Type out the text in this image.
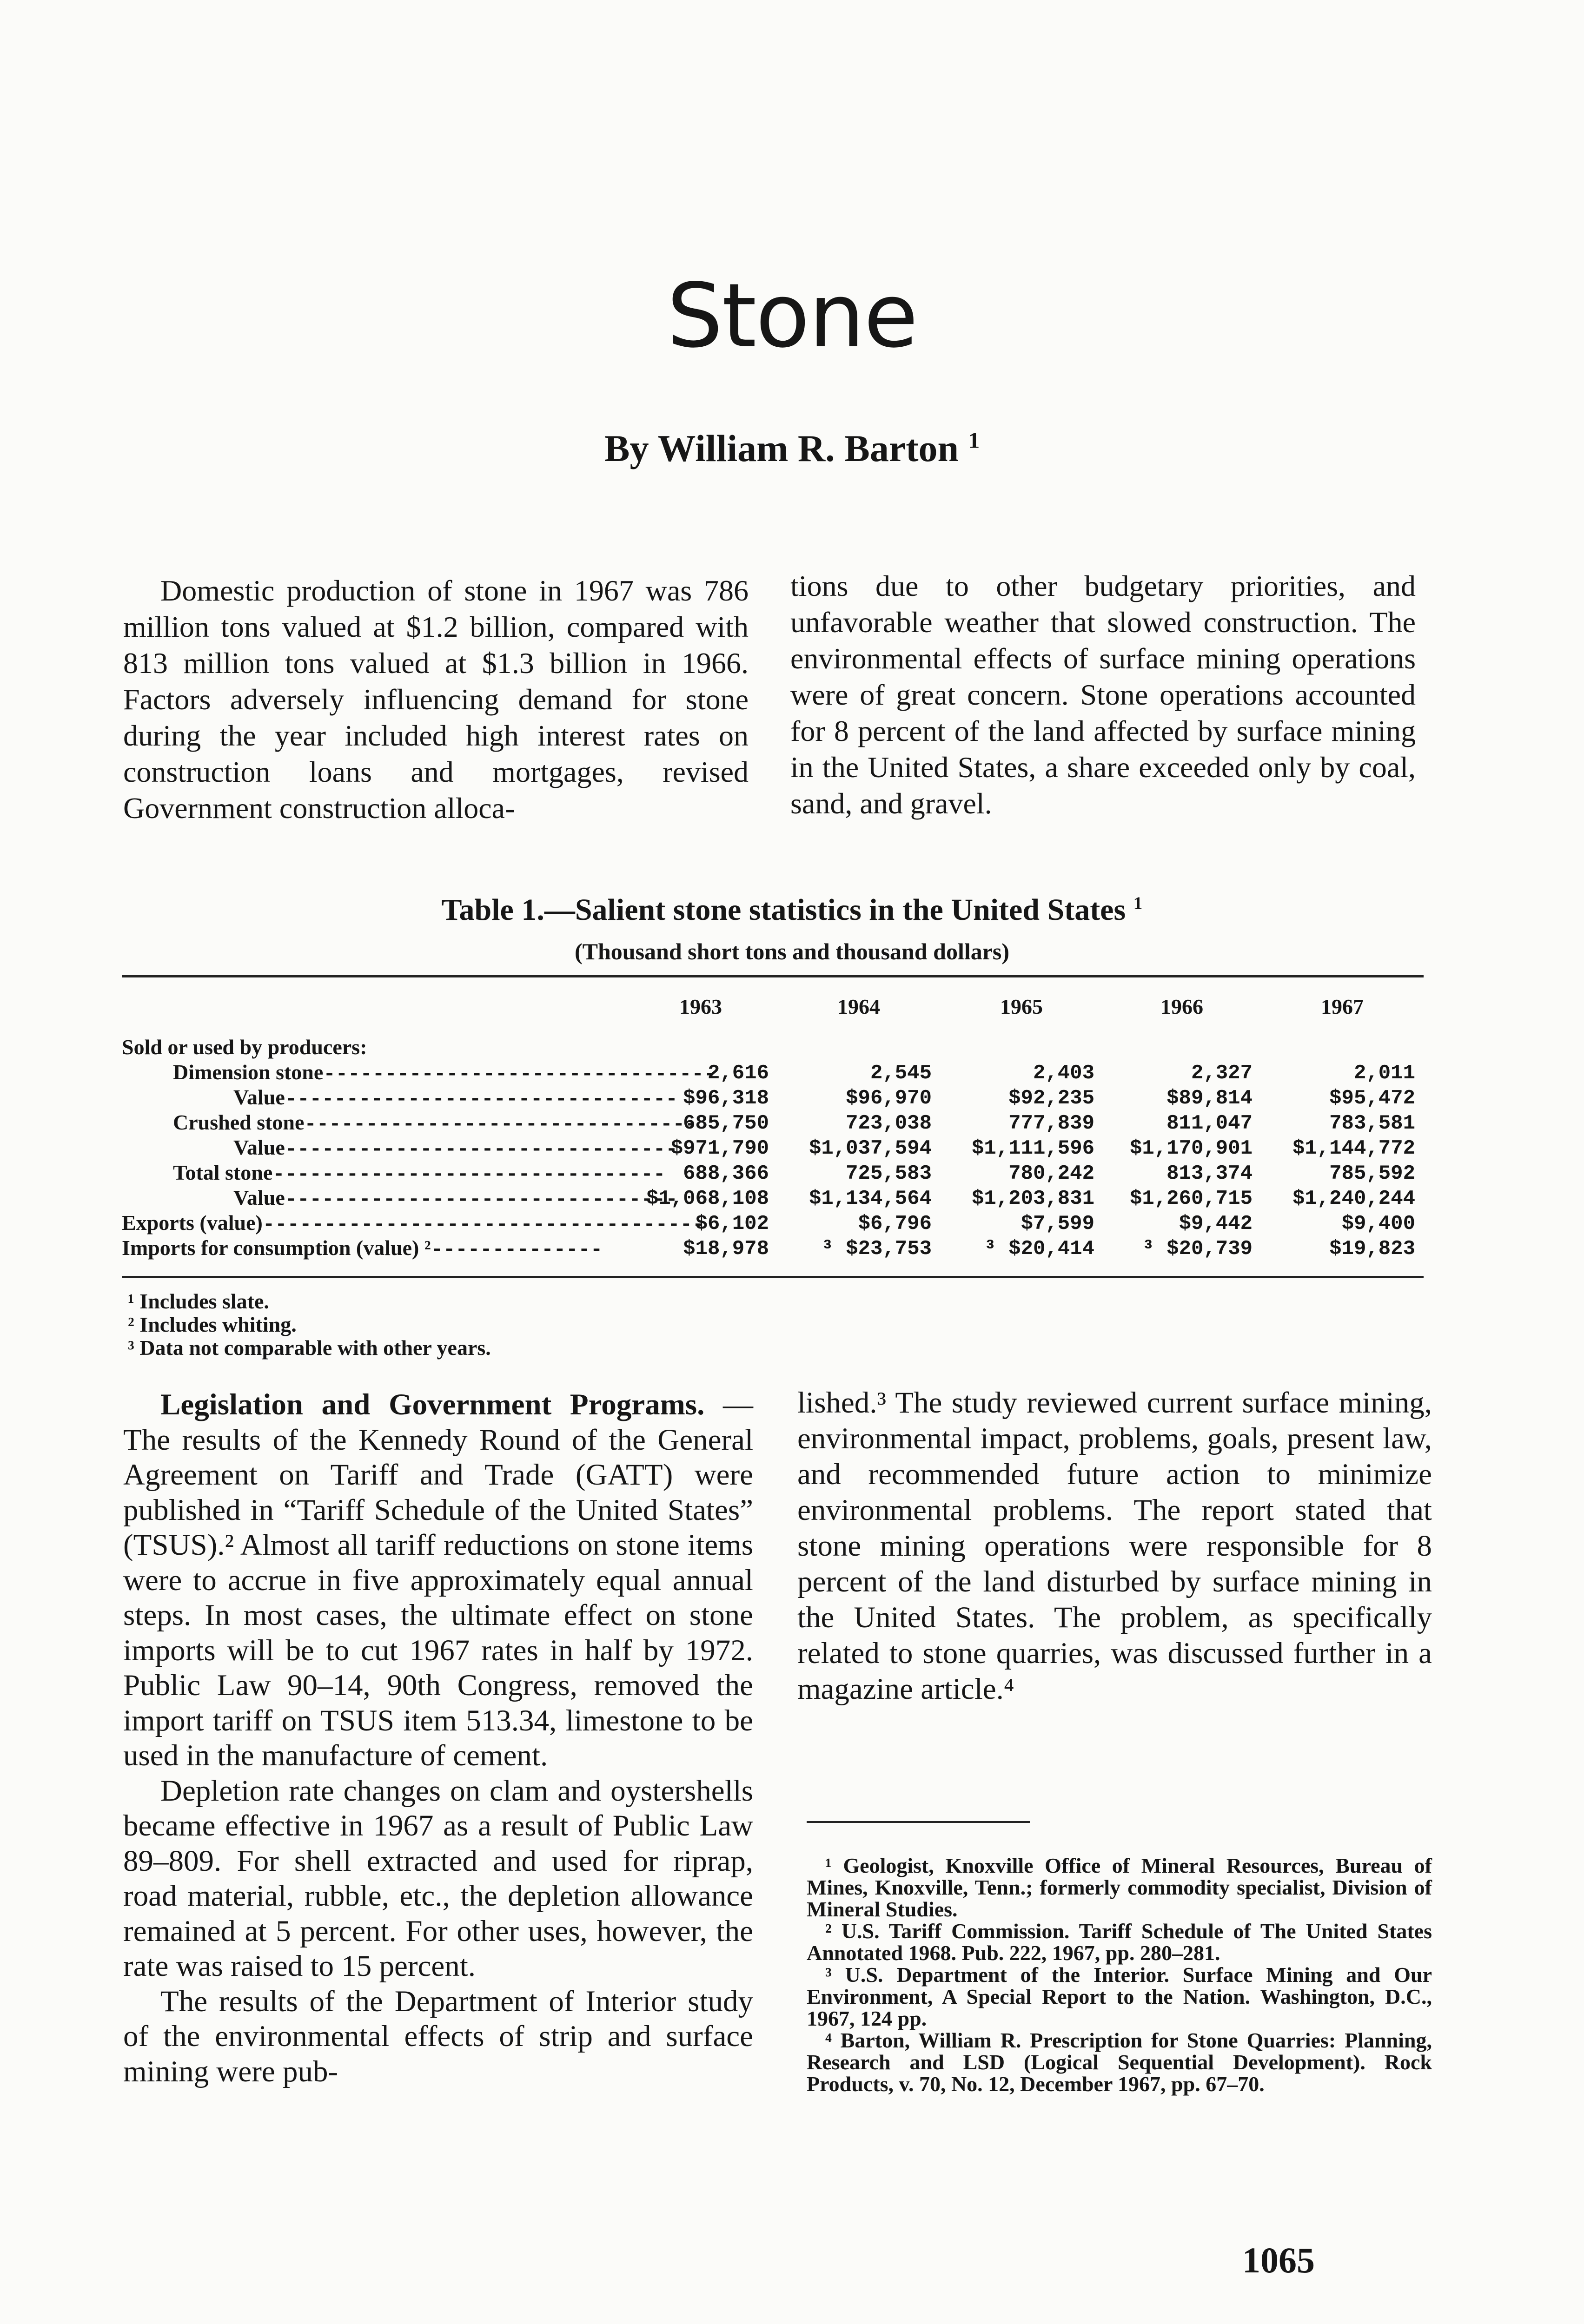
Stone
By William R. Barton $^1$

Domestic production of stone in 1967 was 786 million tons valued at $1.2 billion, compared with 813 million tons valued at $1.3 billion in 1966. Factors adversely influencing demand for stone during the year included high interest rates on construction loans and mortgages, revised Government construction alloca-

tions due to other budgetary priorities, and unfavorable weather that slowed construction. The environmental effects of surface mining operations were of great concern. Stone operations accounted for 8 percent of the land affected by surface mining in the United States, a share exceeded only by coal, sand, and gravel.

Table 1.—Salient stone statistics in the United States $^1$
(Thousand short tons and thousand dollars)
	1963	1964	1965	1966	1967
Sold or used by producers:					
Dimension stone--------------------------------	2,616	2,545	2,403	2,327	2,011
Value--------------------------------	$96,318	$96,970	$92,235	$89,814	$95,472
Crushed stone--------------------------------	685,750	723,038	777,839	811,047	783,581
Value--------------------------------	$971,790	$1,037,594	$1,111,596	$1,170,901	$1,144,772
Total stone--------------------------------	688,366	725,583	780,242	813,374	785,592
Value--------------------------------	$1,068,108	$1,134,564	$1,203,831	$1,260,715	$1,240,244
Exports (value)------------------------------------	$6,102	$6,796	$7,599	$9,442	$9,400
Imports for consumption (value) ²--------------	$18,978	³ $23,753	³ $20,414	³ $20,739	$19,823
¹ Includes slate.
² Includes whiting.
³ Data not comparable with other years.

Legislation and Government Programs. —The results of the Kennedy Round of the General Agreement on Tariff and Trade (GATT) were published in “Tariff Schedule of the United States” (TSUS).² Almost all tariff reductions on stone items were to accrue in five approximately equal annual steps. In most cases, the ultimate effect on stone imports will be to cut 1967 rates in half by 1972. Public Law 90–14, 90th Congress, removed the import tariff on TSUS item 513.34, limestone to be used in the manufacture of cement.

Depletion rate changes on clam and oystershells became effective in 1967 as a result of Public Law 89–809. For shell extracted and used for riprap, road material, rubble, etc., the depletion allowance remained at 5 percent. For other uses, however, the rate was raised to 15 percent.

The results of the Department of Interior study of the environmental effects of strip and surface mining were pub-

lished.³ The study reviewed current surface mining, environmental impact, problems, goals, present law, and recommended future action to minimize environmental problems. The report stated that stone mining operations were responsible for 8 percent of the land disturbed by surface mining in the United States. The problem, as specifically related to stone quarries, was discussed further in a magazine article.⁴

¹ Geologist, Knoxville Office of Mineral Resources, Bureau of Mines, Knoxville, Tenn.; formerly commodity specialist, Division of Mineral Studies.

² U.S. Tariff Commission. Tariff Schedule of The United States Annotated 1968. Pub. 222, 1967, pp. 280–281.

³ U.S. Department of the Interior. Surface Mining and Our Environment, A Special Report to the Nation. Washington, D.C., 1967, 124 pp.

⁴ Barton, William R. Prescription for Stone Quarries: Planning, Research and LSD (Logical Sequential Development). Rock Products, v. 70, No. 12, December 1967, pp. 67–70.

1065
